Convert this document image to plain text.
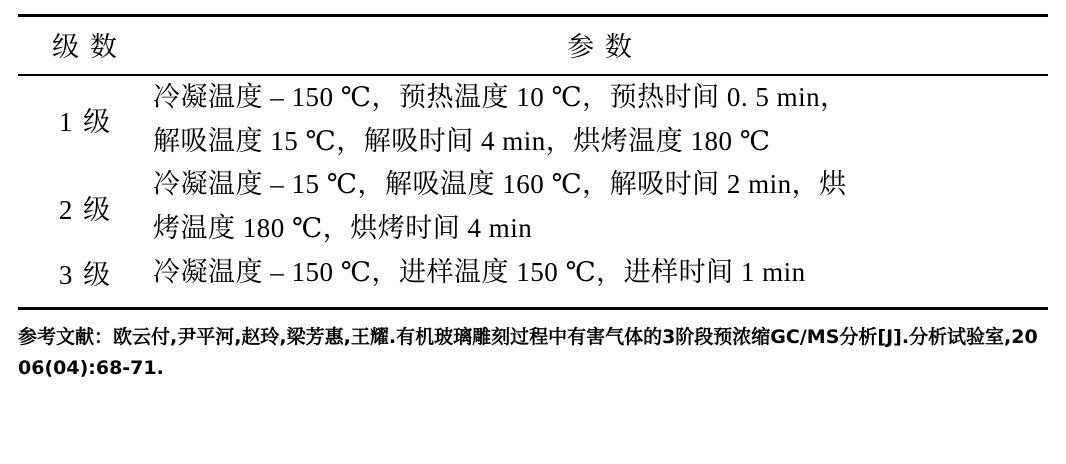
级 数	参 数
1 级	冷凝温度 – 150 ℃，预热温度 10 ℃，预热时间 0. 5 min，
解吸温度 15 ℃，解吸时间 4 min，烘烤温度 180 ℃

2 级	冷凝温度 – 15 ℃，解吸温度 160 ℃，解吸时间 2 min，烘
烤温度 180 ℃，烘烤时间 4 min

3 级	冷凝温度 – 150 ℃，进样温度 150 ℃，进样时间 1 min
参考文献：欧云付,尹平河,赵玲,梁芳惠,王耀.有机玻璃雕刻过程中有害气体的3阶段预浓缩GC/MS分析[J].分析试验室,2006(04):68-71.
